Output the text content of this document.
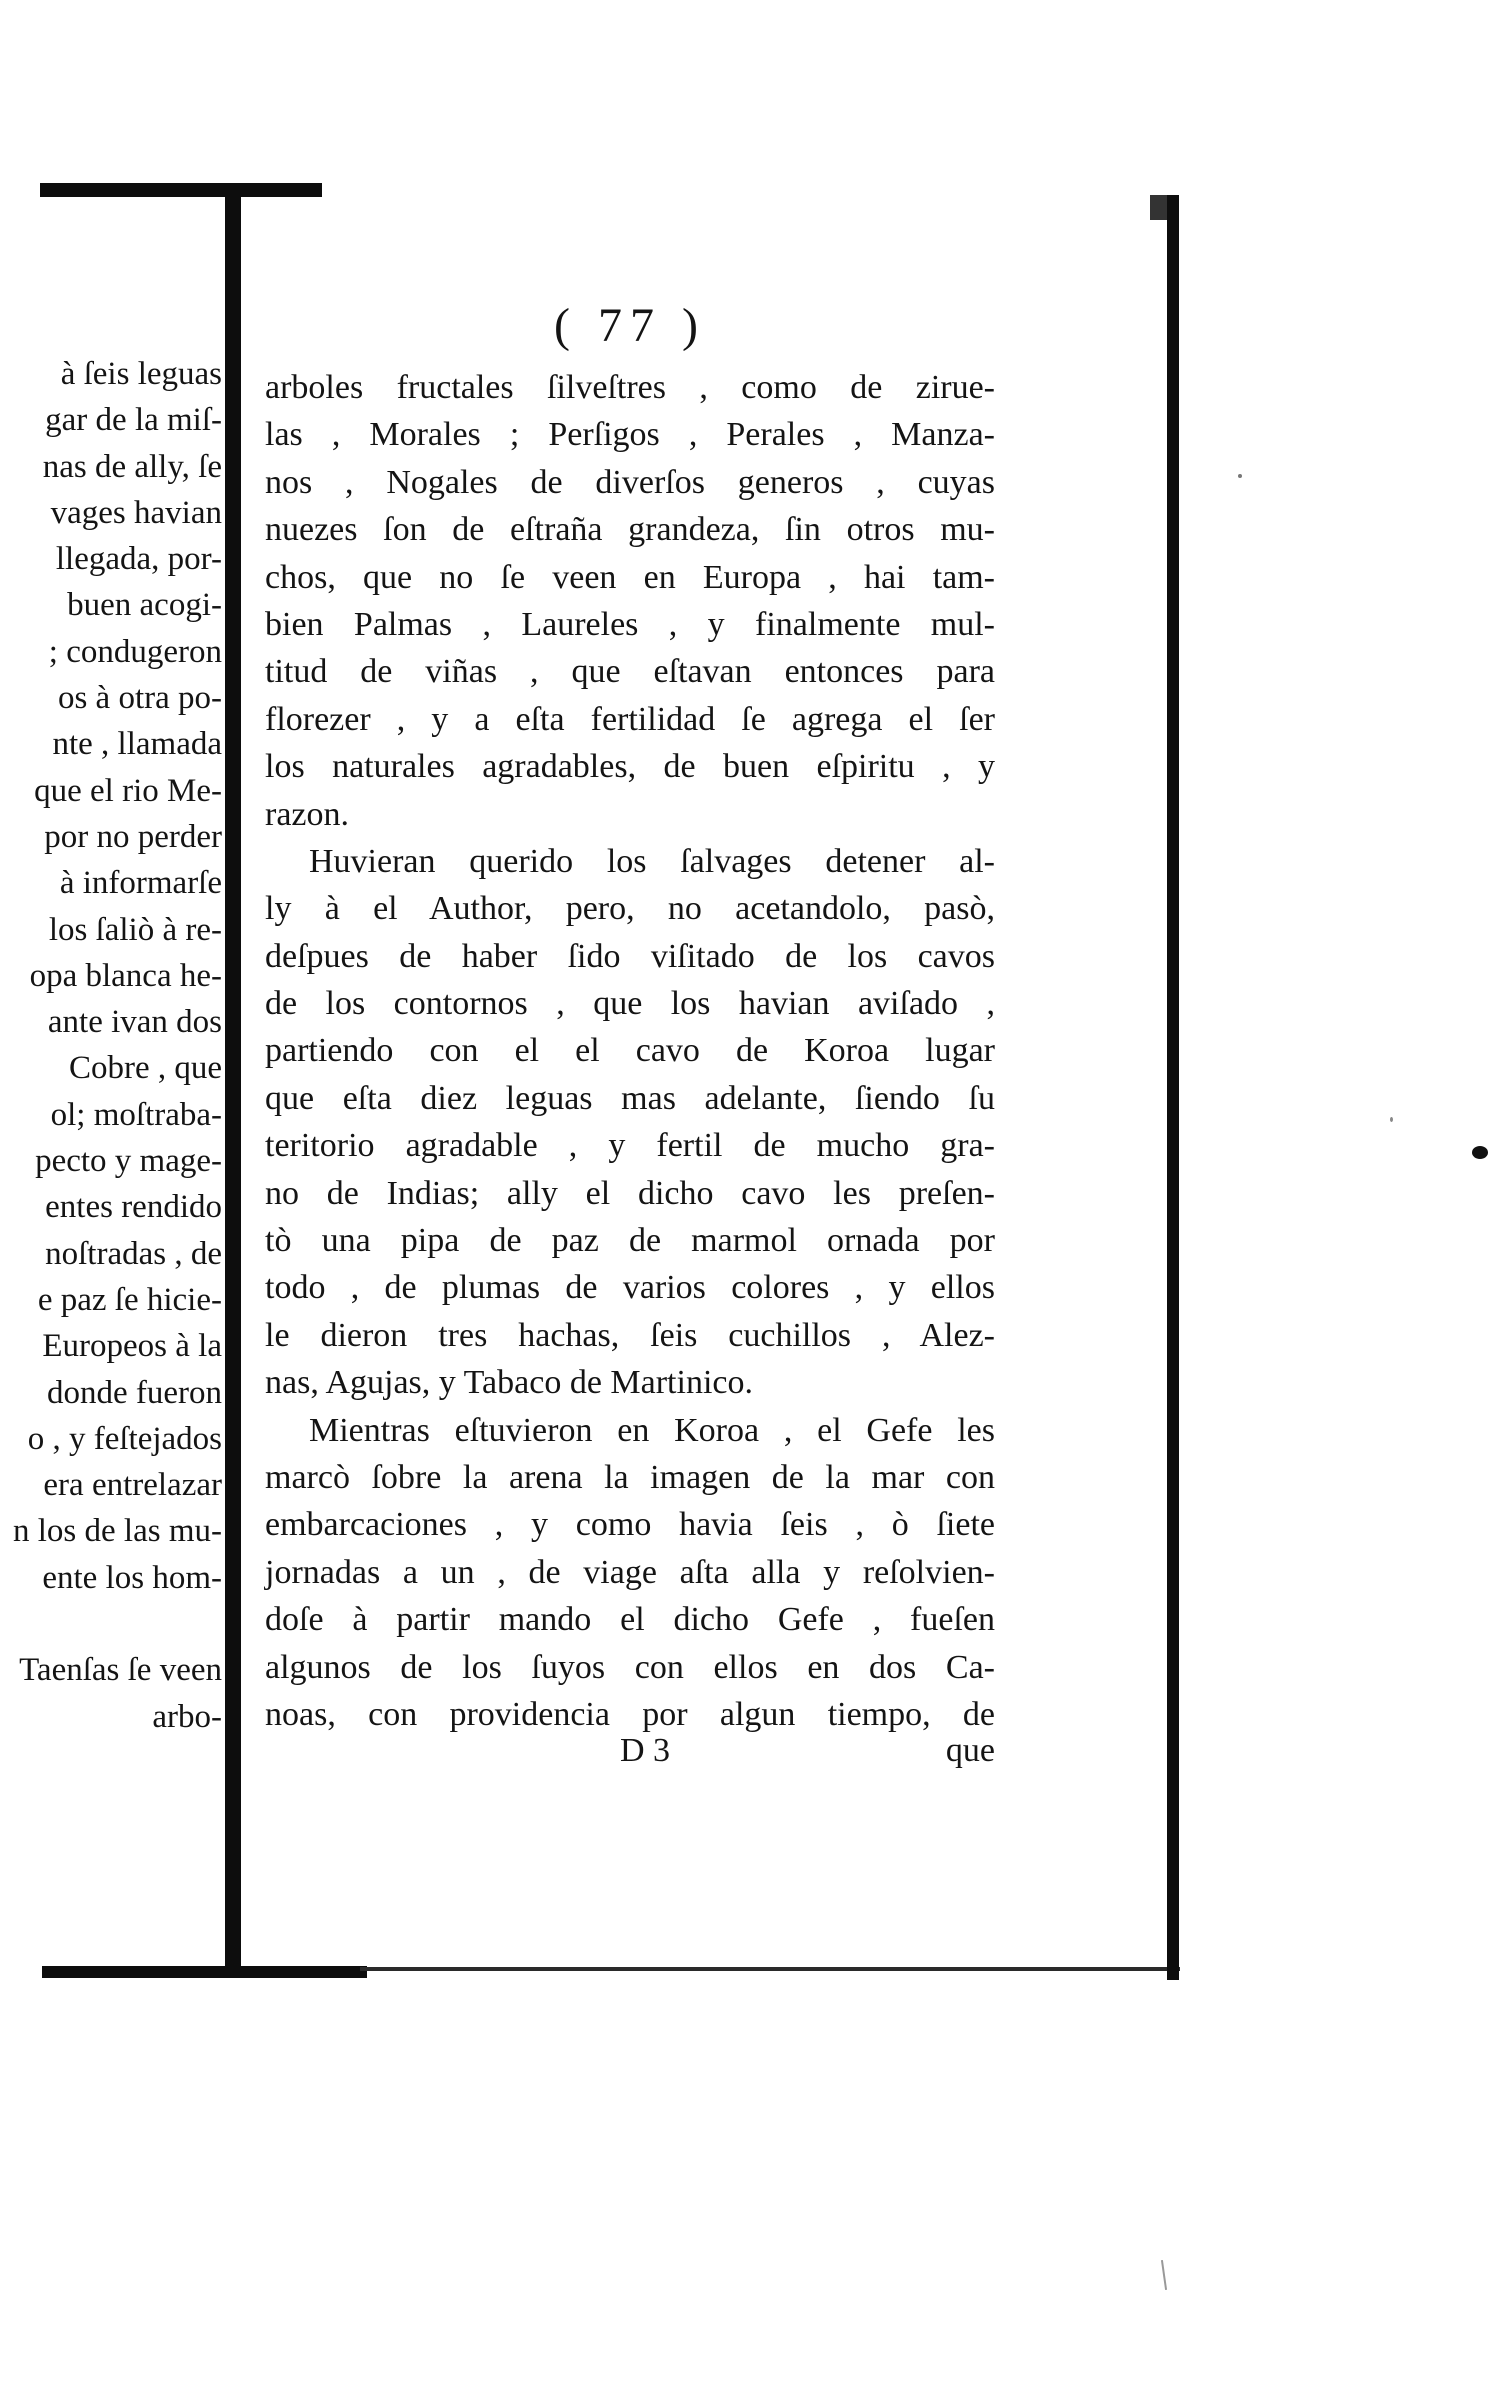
à ſeis leguas
gar de la miſ-
nas de ally, ſe
vages havian
llegada, por-
buen acogi-
; condugeron
os à otra po-
nte , llamada
que el rio Me-
por no perder
à informarſe
los ſaliò à re-
opa blanca he-
ante ivan dos
Cobre , que
ol; moſtraba-
pecto y mage-
entes rendido
noſtradas , de
e paz ſe hicie-
Europeos à la
donde fueron
o , y feſtejados
era entrelazar
n los de las mu-
ente los hom-
Taenſas ſe veen
arbo-
( 77 )
arboles fructales ſilveſtres , como de zirue-
las , Morales ; Perſigos , Perales , Manza-
nos , Nogales de diverſos generos , cuyas
nuezes ſon de eſtraña grandeza, ſin otros mu-
chos, que no ſe veen en Europa , hai tam-
bien Palmas , Laureles , y finalmente mul-
titud de viñas , que eſtavan entonces para
florezer , y a eſta fertilidad ſe agrega el ſer
los naturales agradables, de buen eſpiritu , y
razon.
Huvieran querido los ſalvages detener al-
ly à el Author, pero, no acetandolo, pasò,
deſpues de haber ſido viſitado de los cavos
de los contornos , que los havian aviſado ,
partiendo con el el cavo de Koroa lugar
que eſta diez leguas mas adelante, ſiendo ſu
teritorio agradable , y fertil de mucho gra-
no de Indias; ally el dicho cavo les preſen-
tò una pipa de paz de marmol ornada por
todo , de plumas de varios colores , y ellos
le dieron tres hachas, ſeis cuchillos , Alez-
nas, Agujas, y Tabaco de Martinico.
Mientras eſtuvieron en Koroa , el Gefe les
marcò ſobre la arena la imagen de la mar con
embarcaciones , y como havia ſeis , ò ſiete
jornadas a un , de viage aſta alla y reſolvien-
doſe à partir mando el dicho Gefe , fueſen
algunos de los ſuyos con ellos en dos Ca-
noas, con providencia por algun tiempo, de
D 3	que
